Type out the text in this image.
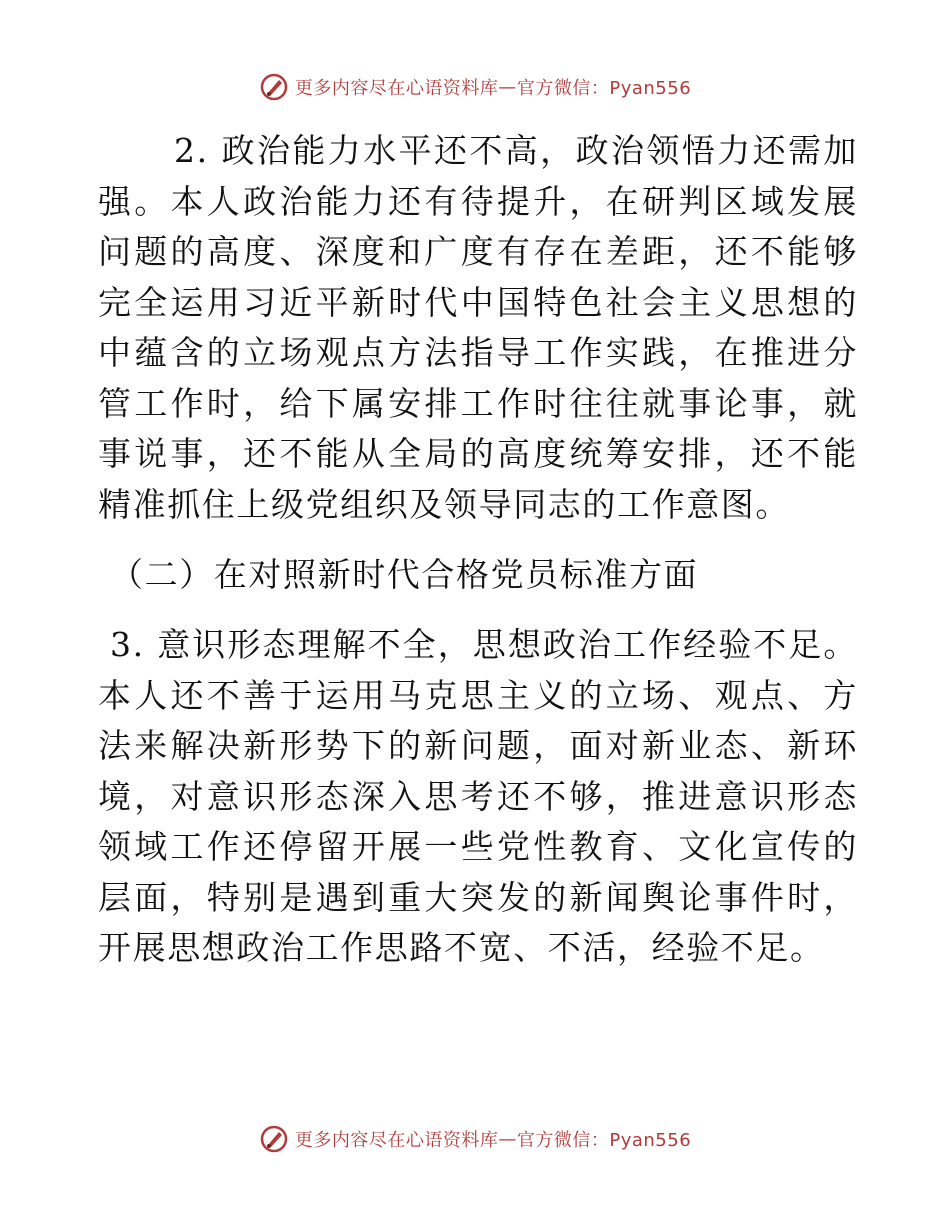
更多内容尽在心语资料库 — 官方微信：Pyan556

2. 政治能力水平还不高，政治领悟力还需加强。本人政治能力还有待提升，在研判区域发展问题的高度、深度和广度有存在差距，还不能够完全运用习近平新时代中国特色社会主义思想的中蕴含的立场观点方法指导工作实践，在推进分管工作时，给下属安排工作时往往就事论事，就事说事，还不能从全局的高度统筹安排，还不能精准抓住上级党组织及领导同志的工作意图。

（二）在对照新时代合格党员标准方面

3. 意识形态理解不全，思想政治工作经验不足。本人还不善于运用马克思主义的立场、观点、方法来解决新形势下的新问题，面对新业态、新环境，对意识形态深入思考还不够，推进意识形态领域工作还停留开展一些党性教育、文化宣传的层面，特别是遇到重大突发的新闻舆论事件时，开展思想政治工作思路不宽、不活，经验不足。

更多内容尽在心语资料库 — 官方微信：Pyan556
